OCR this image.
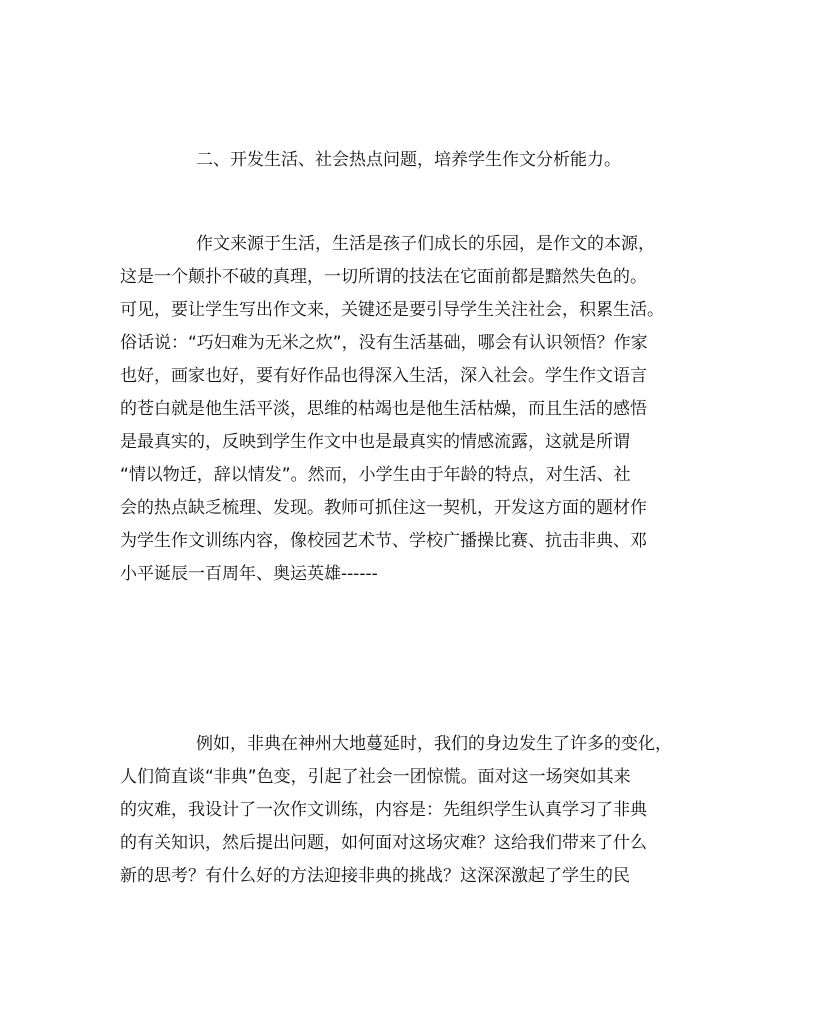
二、开发生活、社会热点问题，培养学生作文分析能力。
作文来源于生活，生活是孩子们成长的乐园，是作文的本源，
这是一个颠扑不破的真理，一切所谓的技法在它面前都是黯然失色的。
可见，要让学生写出作文来，关键还是要引导学生关注社会，积累生活。
俗话说：“巧妇难为无米之炊”，没有生活基础，哪会有认识领悟？作家
也好，画家也好，要有好作品也得深入生活，深入社会。学生作文语言
的苍白就是他生活平淡，思维的枯竭也是他生活枯燥，而且生活的感悟
是最真实的，反映到学生作文中也是最真实的情感流露，这就是所谓
“情以物迁，辞以情发”。然而，小学生由于年龄的特点，对生活、社
会的热点缺乏梳理、发现。教师可抓住这一契机，开发这方面的题材作
为学生作文训练内容，像校园艺术节、学校广播操比赛、抗击非典、邓
小平诞辰一百周年、奥运英雄------
例如，非典在神州大地蔓延时，我们的身边发生了许多的变化，
人们简直谈“非典”色变，引起了社会一团惊慌。面对这一场突如其来
的灾难，我设计了一次作文训练，内容是：先组织学生认真学习了非典
的有关知识，然后提出问题，如何面对这场灾难？这给我们带来了什么
新的思考？有什么好的方法迎接非典的挑战？这深深激起了学生的民
